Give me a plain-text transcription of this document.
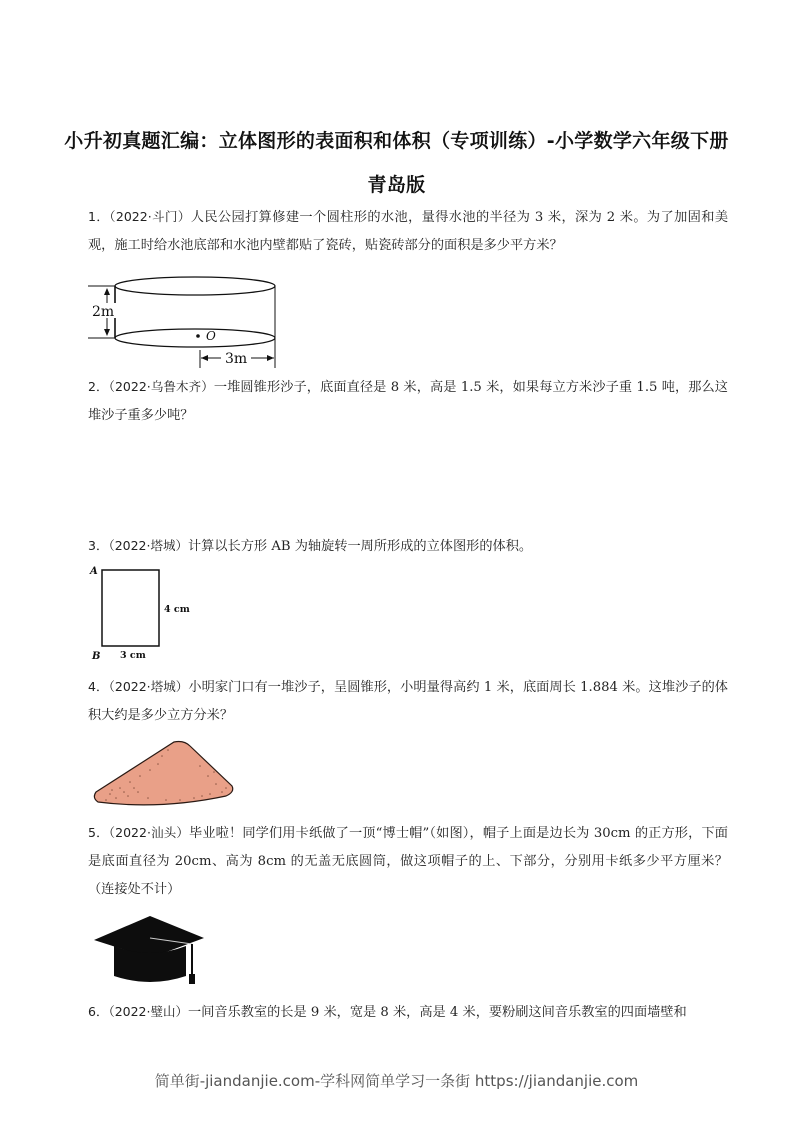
小升初真题汇编：立体图形的表面积和体积（专项训练）-小学数学六年级下册
青岛版
1．（2022·斗门）人民公园打算修建一个圆柱形的水池，量得水池的半径为 3 米，深为 2 米。为了加固和美观，施工时给水池底部和水池内壁都贴了瓷砖，贴瓷砖部分的面积是多少平方米？
2m
O
3m
2．（2022·乌鲁木齐）一堆圆锥形沙子，底面直径是 8 米，高是 1.5 米，如果每立方米沙子重 1.5 吨，那么这堆沙子重多少吨？
3．（2022·塔城）计算以长方形 AB 为轴旋转一周所形成的立体图形的体积。
A
4 cm
B 3 cm
4．（2022·塔城）小明家门口有一堆沙子，呈圆锥形，小明量得高约 1 米，底面周长 1.884 米。这堆沙子的体积大约是多少立方分米？
5．（2022·汕头）毕业啦！同学们用卡纸做了一顶“博士帽”（如图），帽子上面是边长为 30cm 的正方形，下面是底面直径为 20cm、高为 8cm 的无盖无底圆筒，做这项帽子的上、下部分，分别用卡纸多少平方厘米？（连接处不计）
6．（2022·璧山）一间音乐教室的长是 9 米，宽是 8 米，高是 4 米，要粉刷这间音乐教室的四面墙壁和
简单街-jiandanjie.com-学科网简单学习一条街 https://jiandanjie.com
